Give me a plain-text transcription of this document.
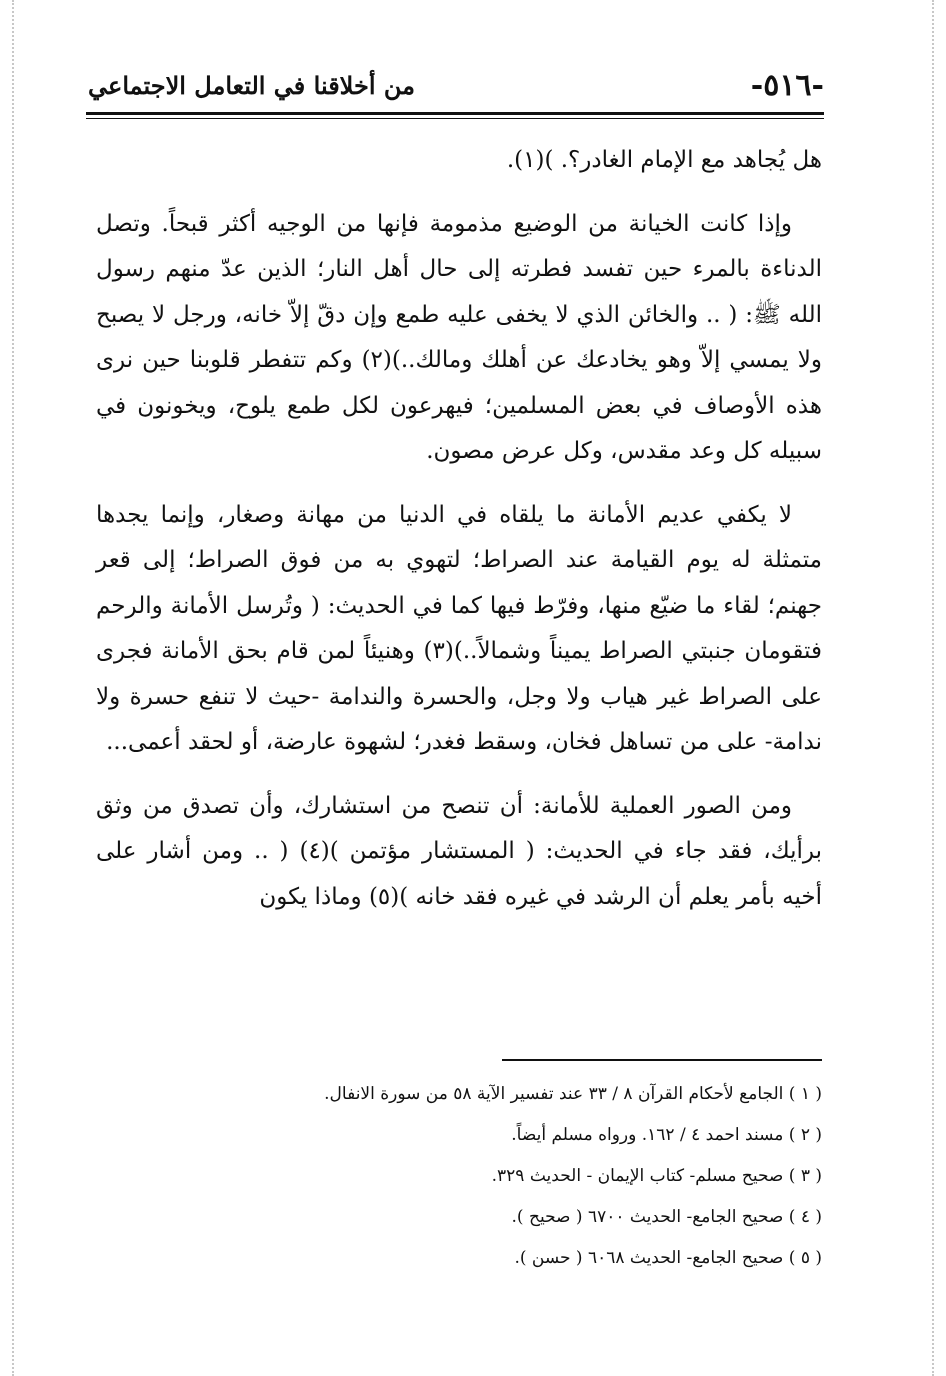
-٥١٦-
من أخلاقنا في التعامل الاجتماعي

هل يُجاهد مع الإمام الغادر؟. )(١).

وإذا كانت الخيانة من الوضيع مذمومة فإنها من الوجيه أكثر قبحاً. وتصل الدناءة بالمرء حين تفسد فطرته إلى حال أهل النار؛ الذين عدّ منهم رسول الله ﷺ: ( .. والخائن الذي لا يخفى عليه طمع وإن دقّ إلاّ خانه، ورجل لا يصبح ولا يمسي إلاّ وهو يخادعك عن أهلك ومالك..)(٢) وكم تتفطر قلوبنا حين نرى هذه الأوصاف في بعض المسلمين؛ فيهرعون لكل طمع يلوح، ويخونون في سبيله كل وعد مقدس، وكل عرض مصون.

لا يكفي عديم الأمانة ما يلقاه في الدنيا من مهانة وصغار، وإنما يجدها متمثلة له يوم القيامة عند الصراط؛ لتهوي به من فوق الصراط؛ إلى قعر جهنم؛ لقاء ما ضيّع منها، وفرّط فيها كما في الحديث: ( وتُرسل الأمانة والرحم فتقومان جنبتي الصراط يميناً وشمالاً..)(٣) وهنيئاً لمن قام بحق الأمانة فجرى على الصراط غير هياب ولا وجل، والحسرة والندامة -حيث لا تنفع حسرة ولا ندامة- على من تساهل فخان، وسقط فغدر؛ لشهوة عارضة، أو لحقد أعمى...

ومن الصور العملية للأمانة: أن تنصح من استشارك، وأن تصدق من وثق برأيك، فقد جاء في الحديث: ( المستشار مؤتمن )(٤) ( .. ومن أشار على أخيه بأمر يعلم أن الرشد في غيره فقد خانه )(٥) وماذا يكون

( ١ ) الجامع لأحكام القرآن ٨ / ٣٣ عند تفسير الآية ٥٨ من سورة الانفال.

( ٢ ) مسند احمد ٤ / ١٦٢. ورواه مسلم أيضاً.

( ٣ ) صحيح مسلم- كتاب الإيمان - الحديث ٣٢٩.

( ٤ ) صحيح الجامع- الحديث ٦٧٠٠ ( صحيح ).

( ٥ ) صحيح الجامع- الحديث ٦٠٦٨ ( حسن ).
